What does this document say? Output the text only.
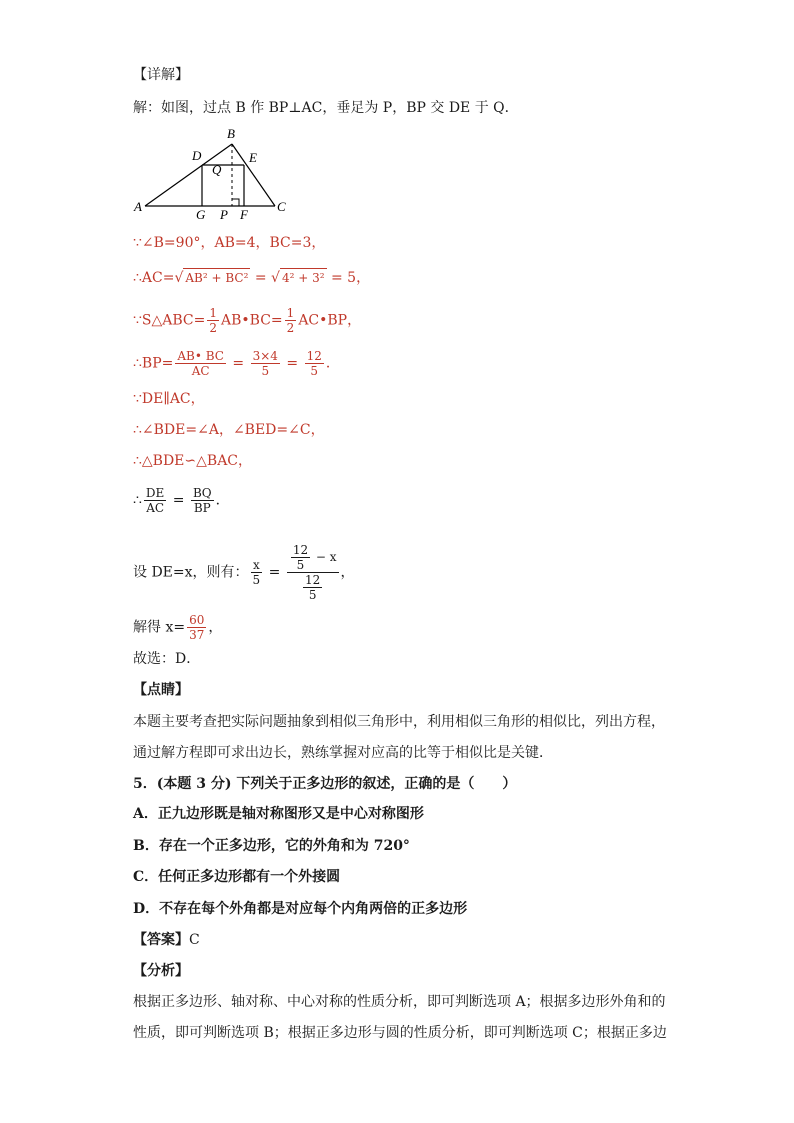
【详解】
解：如图，过点 B 作 BP⊥AC，垂足为 P，BP 交 DE 于 Q．
A
B
C
D	E
Q
G P F
∵∠B=90°，AB=4，BC=3，
∴AC=√ AB² + BC² = √ 4² + 3² = 5，
∵S△ABC= $\frac{1}{2}$ AB•BC= $\frac{1}{2}$ AC•BP，
∴BP= $\frac{AB• BC}{AC} = \frac{3\times 4}{5} = \frac{12}{5}$ ．
∵DE∥AC，
∴∠BDE=∠A，∠BED=∠C，
∴△BDE∽△BAC，
∴ $\frac{DE}{AC} = \frac{BQ}{BP}$ ．
设 DE=x，则有： $\frac{x}{5} = \frac{\frac{12}{5} - x}{\frac{12}{5}}$ ，
解得 $x= \frac{60}{37}$ ，
故选：D．
【点睛】
本题主要考查把实际问题抽象到相似三角形中，利用相似三角形的相似比，列出方程，
通过解方程即可求出边长，熟练掌握对应高的比等于相似比是关键．
5．(本题 3 分) 下列关于正多边形的叙述，正确的是（　　）
A．正九边形既是轴对称图形又是中心对称图形
B．存在一个正多边形，它的外角和为 720°
C．任何正多边形都有一个外接圆
D．不存在每个外角都是对应每个内角两倍的正多边形
【答案】C
【分析】
根据正多边形、轴对称、中心对称的性质分析，即可判断选项 A；根据多边形外角和的
性质，即可判断选项 B；根据正多边形与圆的性质分析，即可判断选项 C；根据正多边
